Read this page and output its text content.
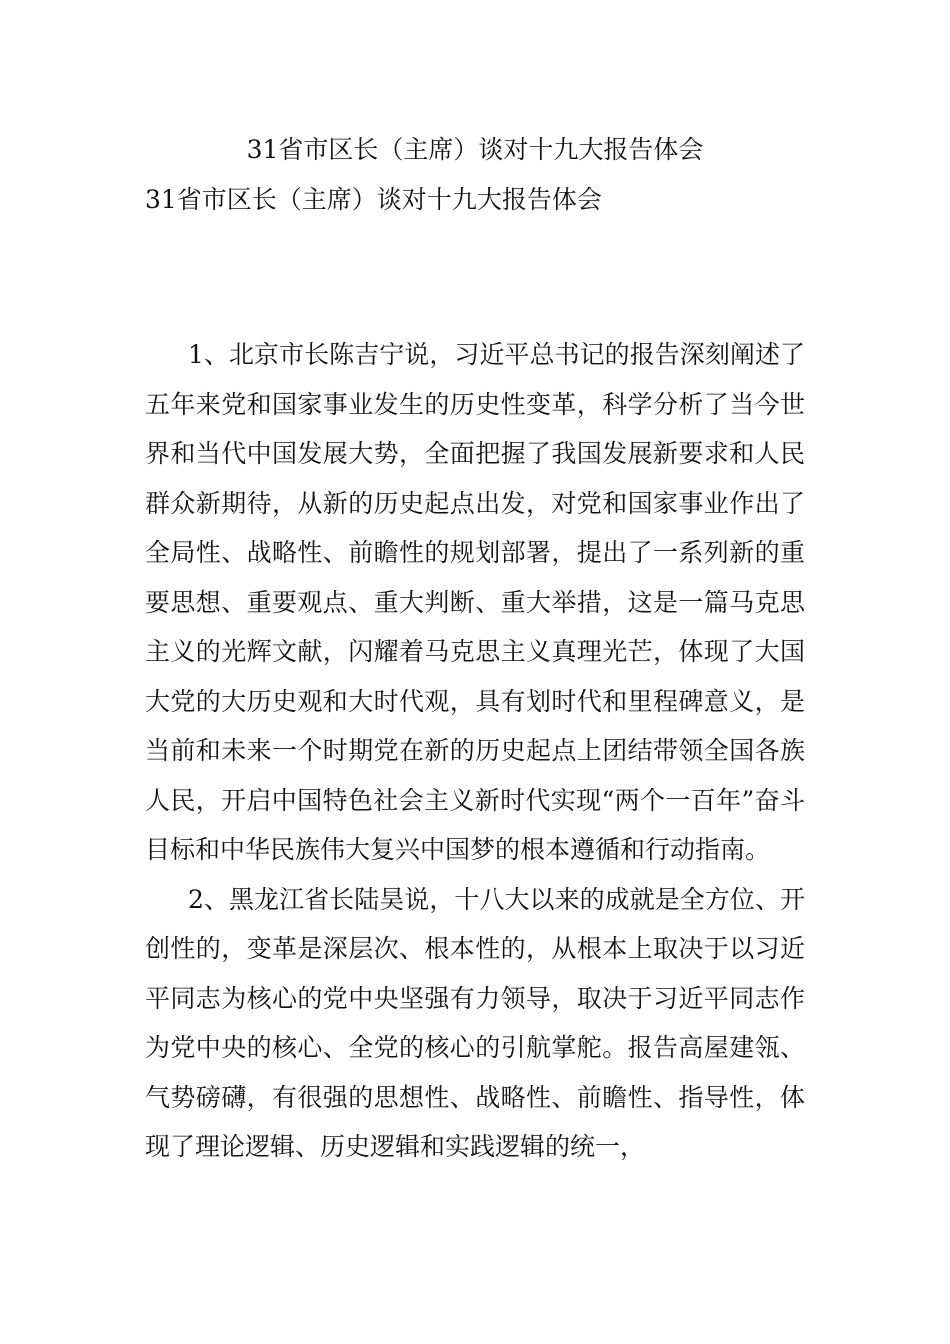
31省市区长（主席）谈对十九大报告体会
31省市区长（主席）谈对十九大报告体会

1、北京市长陈吉宁说，习近平总书记的报告深刻阐述了五年来党和国家事业发生的历史性变革，科学分析了当今世界和当代中国发展大势，全面把握了我国发展新要求和人民群众新期待，从新的历史起点出发，对党和国家事业作出了全局性、战略性、前瞻性的规划部署，提出了一系列新的重要思想、重要观点、重大判断、重大举措，这是一篇马克思主义的光辉文献，闪耀着马克思主义真理光芒，体现了大国大党的大历史观和大时代观，具有划时代和里程碑意义，是当前和未来一个时期党在新的历史起点上团结带领全国各族人民，开启中国特色社会主义新时代实现“两个一百年”奋斗目标和中华民族伟大复兴中国梦的根本遵循和行动指南。

2、黑龙江省长陆昊说，十八大以来的成就是全方位、开创性的，变革是深层次、根本性的，从根本上取决于以习近平同志为核心的党中央坚强有力领导，取决于习近平同志作为党中央的核心、全党的核心的引航掌舵。报告高屋建瓴、气势磅礴，有很强的思想性、战略性、前瞻性、指导性，体现了理论逻辑、历史逻辑和实践逻辑的统一，
